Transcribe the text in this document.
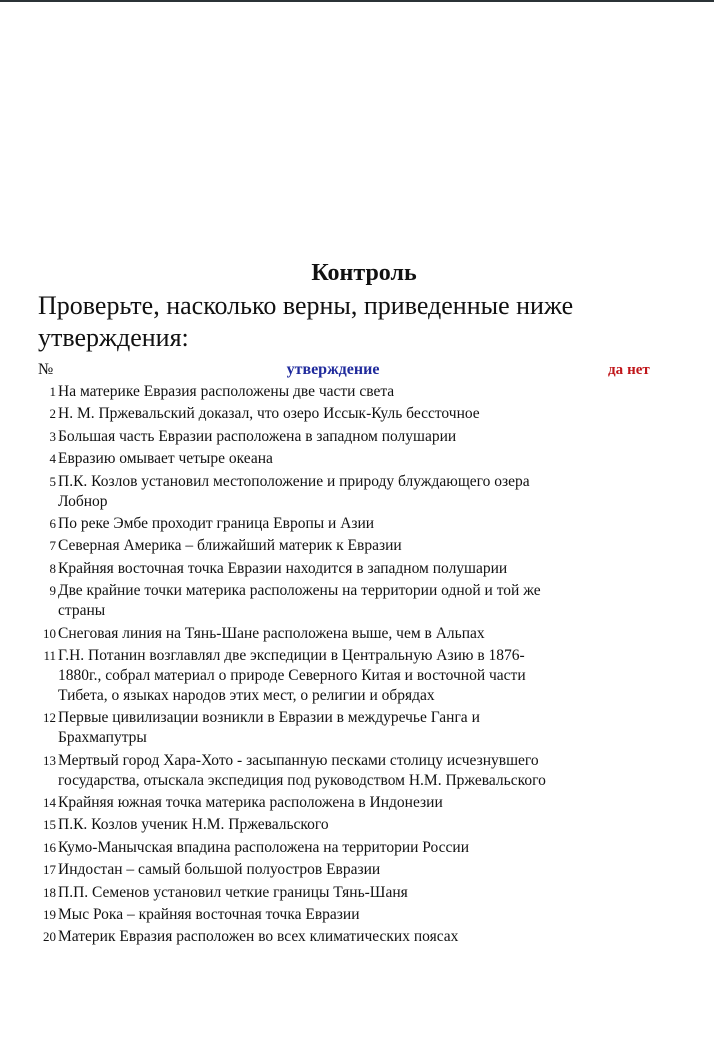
Контроль
Проверьте, насколько верны, приведенные ниже
утверждения:
№	утверждение	да нет
1 На материке Евразия расположены две части света
2 Н. М. Пржевальский доказал, что озеро Иссык-Куль бессточное
3 Большая часть Евразии расположена в западном полушарии
4 Евразию омывает четыре океана
5 П.К. Козлов установил местоположение и природу блуждающего озера
Лобнор
6 По реке Эмбе проходит граница Европы и Азии
7 Северная Америка – ближайший материк к Евразии
8 Крайняя восточная точка Евразии находится в западном полушарии
9 Две крайние точки материка расположены на территории одной и той же
страны
10 Снеговая линия на Тянь-Шане расположена выше, чем в Альпах
11 Г.Н. Потанин возглавлял две экспедиции в Центральную Азию в 1876-
1880г., собрал материал о природе Северного Китая и восточной части
Тибета, о языках народов этих мест, о религии и обрядах
12 Первые цивилизации возникли в Евразии в междуречье Ганга и
Брахмапутры
13 Мертвый город Хара-Хото - засыпанную песками столицу исчезнувшего
государства, отыскала экспедиция под руководством Н.М. Пржевальского
14 Крайняя южная точка материка расположена в Индонезии
15 П.К. Козлов ученик Н.М. Пржевальского
16 Кумо-Манычская впадина расположена на территории России
17 Индостан – самый большой полуостров Евразии
18 П.П. Семенов установил четкие границы Тянь-Шаня
19 Мыс Рока – крайняя восточная точка Евразии
20 Материк Евразия расположен во всех климатических поясах
